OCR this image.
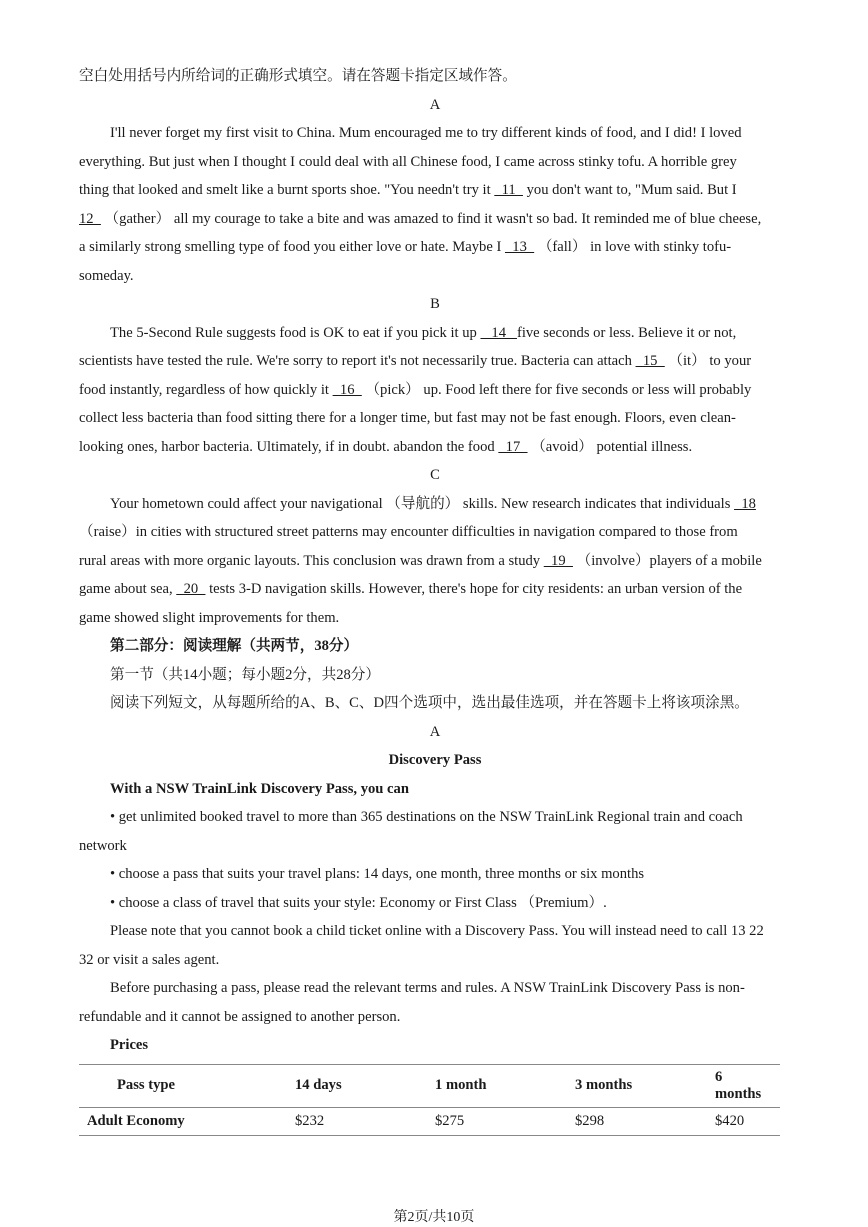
空白处用括号内所给词的正确形式填空。请在答题卡指定区域作答。

A

I'll never forget my first visit to China. Mum encouraged me to try different kinds of food, and I did! I loved

everything. But just when I thought I could deal with all Chinese food, I came across stinky tofu. A horrible grey

thing that looked and smelt like a burnt sports shoe. "You needn't try it   11   you don't want to, "Mum said. But I

12   （gather） all my courage to take a bite and was amazed to find it wasn't so bad. It reminded me of blue cheese,

a similarly strong smelling type of food you either love or hate. Maybe I   13   （fall） in love with stinky tofu-

someday.

B

The 5-Second Rule suggests food is OK to eat if you pick it up    14   five seconds or less. Believe it or not,

scientists have tested the rule. We're sorry to report it's not necessarily true. Bacteria can attach   15   （it） to your

food instantly, regardless of how quickly it   16   （pick） up. Food left there for five seconds or less will probably

collect less bacteria than food sitting there for a longer time, but fast may not be fast enough. Floors, even clean-

looking ones, harbor bacteria. Ultimately, if in doubt. abandon the food   17   （avoid） potential illness.

C

Your hometown could affect your navigational （导航的） skills. New research indicates that individuals   18

（raise）in cities with structured street patterns may encounter difficulties in navigation compared to those from

rural areas with more organic layouts. This conclusion was drawn from a study   19   （involve）players of a mobile

game about sea,   20   tests 3-D navigation skills. However, there's hope for city residents: an urban version of the

game showed slight improvements for them.

第二部分：阅读理解（共两节，38分）

第一节（共14小题；每小题2分，共28分）

阅读下列短文，从每题所给的A、B、C、D四个选项中，选出最佳选项，并在答题卡上将该项涂黑。

A

Discovery Pass

With a NSW TrainLink Discovery Pass, you can

• get unlimited booked travel to more than 365 destinations on the NSW TrainLink Regional train and coach

network

• choose a pass that suits your travel plans: 14 days, one month, three months or six months

• choose a class of travel that suits your style: Economy or First Class （Premium）.

Please note that you cannot book a child ticket online with a Discovery Pass. You will instead need to call 13 22

32 or visit a sales agent.

Before purchasing a pass, please read the relevant terms and rules. A NSW TrainLink Discovery Pass is non-

refundable and it cannot be assigned to another person.

Prices

Pass type	14 days	1 month	3 months	6 months
Adult Economy	$232	$275	$298	$420
第2页/共10页
